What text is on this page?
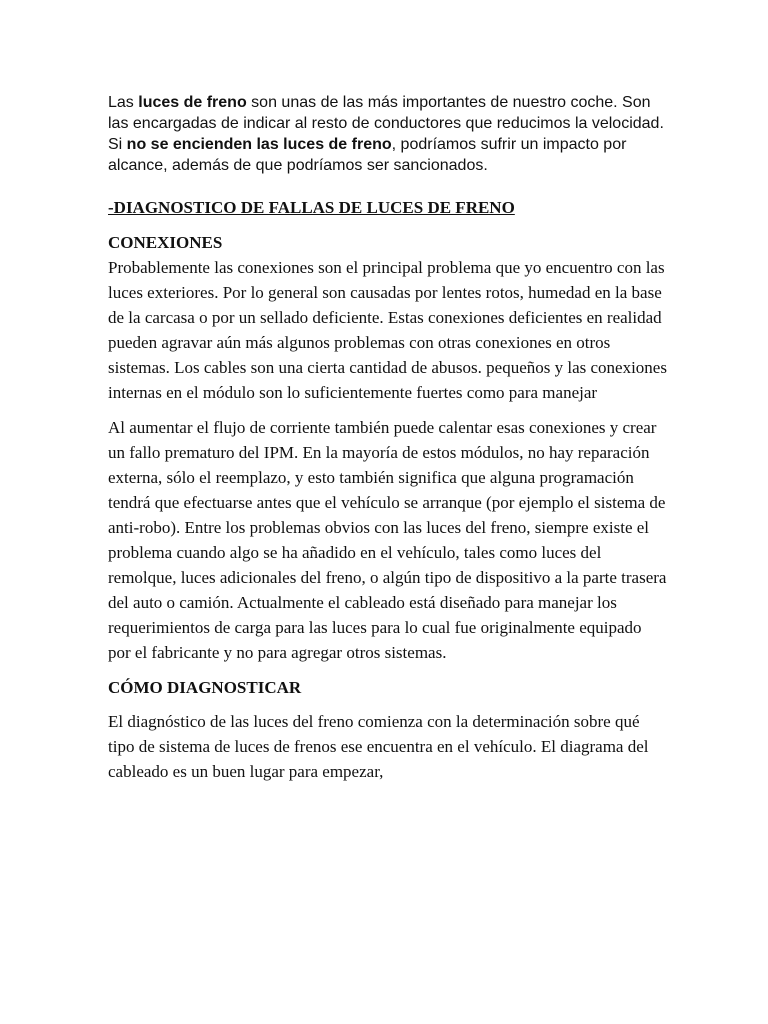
Las luces de freno son unas de las más importantes de nuestro coche. Son las encargadas de indicar al resto de conductores que reducimos la velocidad. Si no se encienden las luces de freno, podríamos sufrir un impacto por alcance, además de que podríamos ser sancionados.

-DIAGNOSTICO DE FALLAS DE LUCES DE FRENO

CONEXIONES

Probablemente las conexiones son el principal problema que yo encuentro con las luces exteriores. Por lo general son causadas por lentes rotos, humedad en la base de la carcasa o por un sellado deficiente. Estas conexiones deficientes en realidad pueden agravar aún más algunos problemas con otras conexiones en otros sistemas. Los cables son una cierta cantidad de abusos. pequeños y las conexiones internas en el módulo son lo suficientemente fuertes como para manejar

Al aumentar el flujo de corriente también puede calentar esas conexiones y crear un fallo prematuro del IPM. En la mayoría de estos módulos, no hay reparación externa, sólo el reemplazo, y esto también significa que alguna programación tendrá que efectuarse antes que el vehículo se arranque (por ejemplo el sistema de anti-robo). Entre los problemas obvios con las luces del freno, siempre existe el problema cuando algo se ha añadido en el vehículo, tales como luces del remolque, luces adicionales del freno, o algún tipo de dispositivo a la parte trasera del auto o camión. Actualmente el cableado está diseñado para manejar los requerimientos de carga para las luces para lo cual fue originalmente equipado por el fabricante y no para agregar otros sistemas.

CÓMO DIAGNOSTICAR

El diagnóstico de las luces del freno comienza con la determinación sobre qué tipo de sistema de luces de frenos ese encuentra en el vehículo. El diagrama del cableado es un buen lugar para empezar,
